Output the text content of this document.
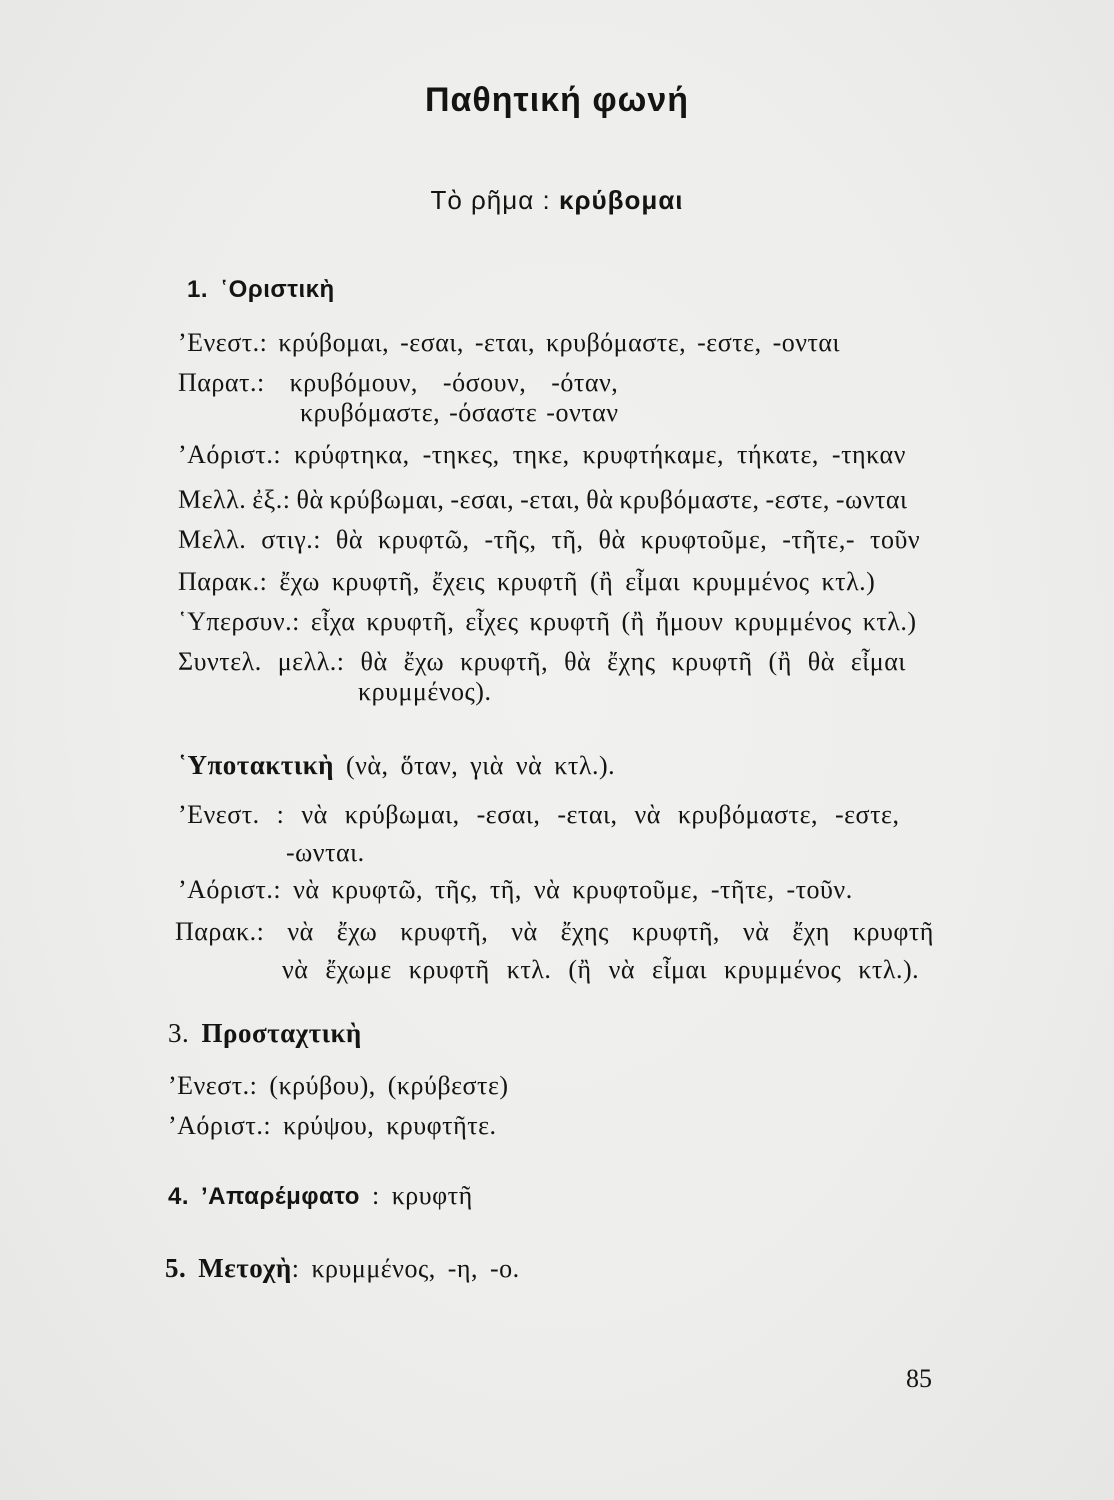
Παθητική φωνή
Τὸ ρῆμα : κρύβομαι
1. ῾Οριστικὴ
’Ενεστ.: κρύβομαι, -εσαι, -εται, κρυβόμαστε, -εστε, -ονται
Παρατ.: κρυβόμουν, -όσουν, -όταν,
κρυβόμαστε, -όσαστε -ονταν
’Αόριστ.: κρύφτηκα, -τηκες, τηκε, κρυφτήκαμε, τήκατε, -τηκαν
Μελλ. ἐξ.: θὰ κρύβωμαι, -εσαι, -εται, θὰ κρυβόμαστε, -εστε, -ωνται
Μελλ. στιγ.: θὰ κρυφτῶ, -τῆς, τῆ, θὰ κρυφτοῦμε, -τῆτε,- τοῦν
Παρακ.: ἔχω κρυφτῆ, ἔχεις κρυφτῆ (ἢ εἶμαι κρυμμένος κτλ.)
῾Υπερσυν.: εἶχα κρυφτῆ, εἶχες κρυφτῆ (ἢ ἤμουν κρυμμένος κτλ.)
Συντελ. μελλ.: θὰ ἔχω κρυφτῆ, θὰ ἔχης κρυφτῆ (ἢ θὰ εἶμαι
κρυμμένος).
῾Υποτακτικὴ (νὰ, ὅταν, γιὰ νὰ κτλ.).
’Ενεστ. : νὰ κρύβωμαι, -εσαι, -εται, νὰ κρυβόμαστε, -εστε,
-ωνται.
’Αόριστ.: νὰ κρυφτῶ, τῆς, τῆ, νὰ κρυφτοῦμε, -τῆτε, -τοῦν.
Παρακ.: νὰ ἔχω κρυφτῆ, νὰ ἔχης κρυφτῆ, νὰ ἔχη κρυφτῆ
νὰ ἔχωμε κρυφτῆ κτλ. (ἢ νὰ εἶμαι κρυμμένος κτλ.).
3. Προσταχτικὴ
’Ενεστ.: (κρύβου), (κρύβεστε)
’Αόριστ.: κρύψου, κρυφτῆτε.
4. ’Απαρέμφατο : κρυφτῆ
5. Μετοχὴ: κρυμμένος, -η, -ο.
85
